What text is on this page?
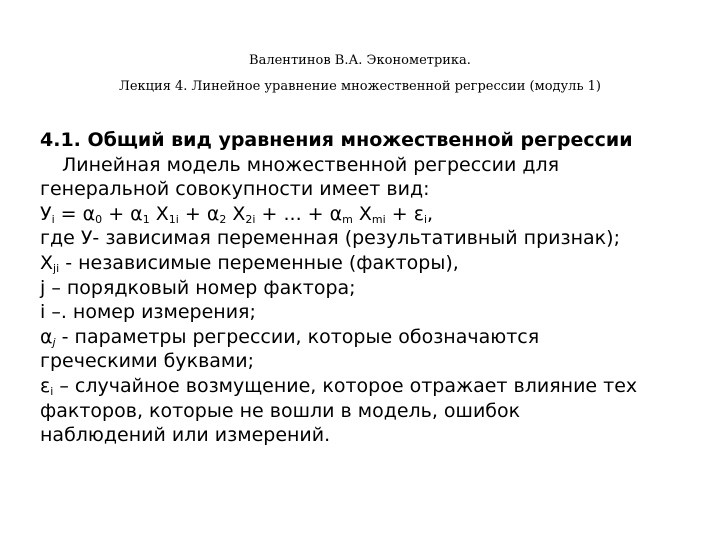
Валентинов В.А. Эконометрика.
Лекция 4. Линейное уравнение множественной регрессии (модуль 1)
4.1. Общий вид уравнения множественной регрессии
Линейная модель множественной регрессии для
генеральной совокупности имеет вид:
$У_i = \alpha_0 + \alpha_1$ $X_{1i} + \alpha_2$ $X_{2i}$ + ... + $\alpha_m$ $X_{mi} + \varepsilon_i$,
где У- зависимая переменная (результативный признак);
$X_{ji}$ - независимые переменные (факторы),
j – порядковый номер фактора;
i –. номер измерения;
$\alpha_j$ - параметры регрессии, которые обозначаются
греческими буквами;
$\varepsilon_i$ – случайное возмущение, которое отражает влияние тех
факторов, которые не вошли в модель, ошибок
наблюдений или измерений.
